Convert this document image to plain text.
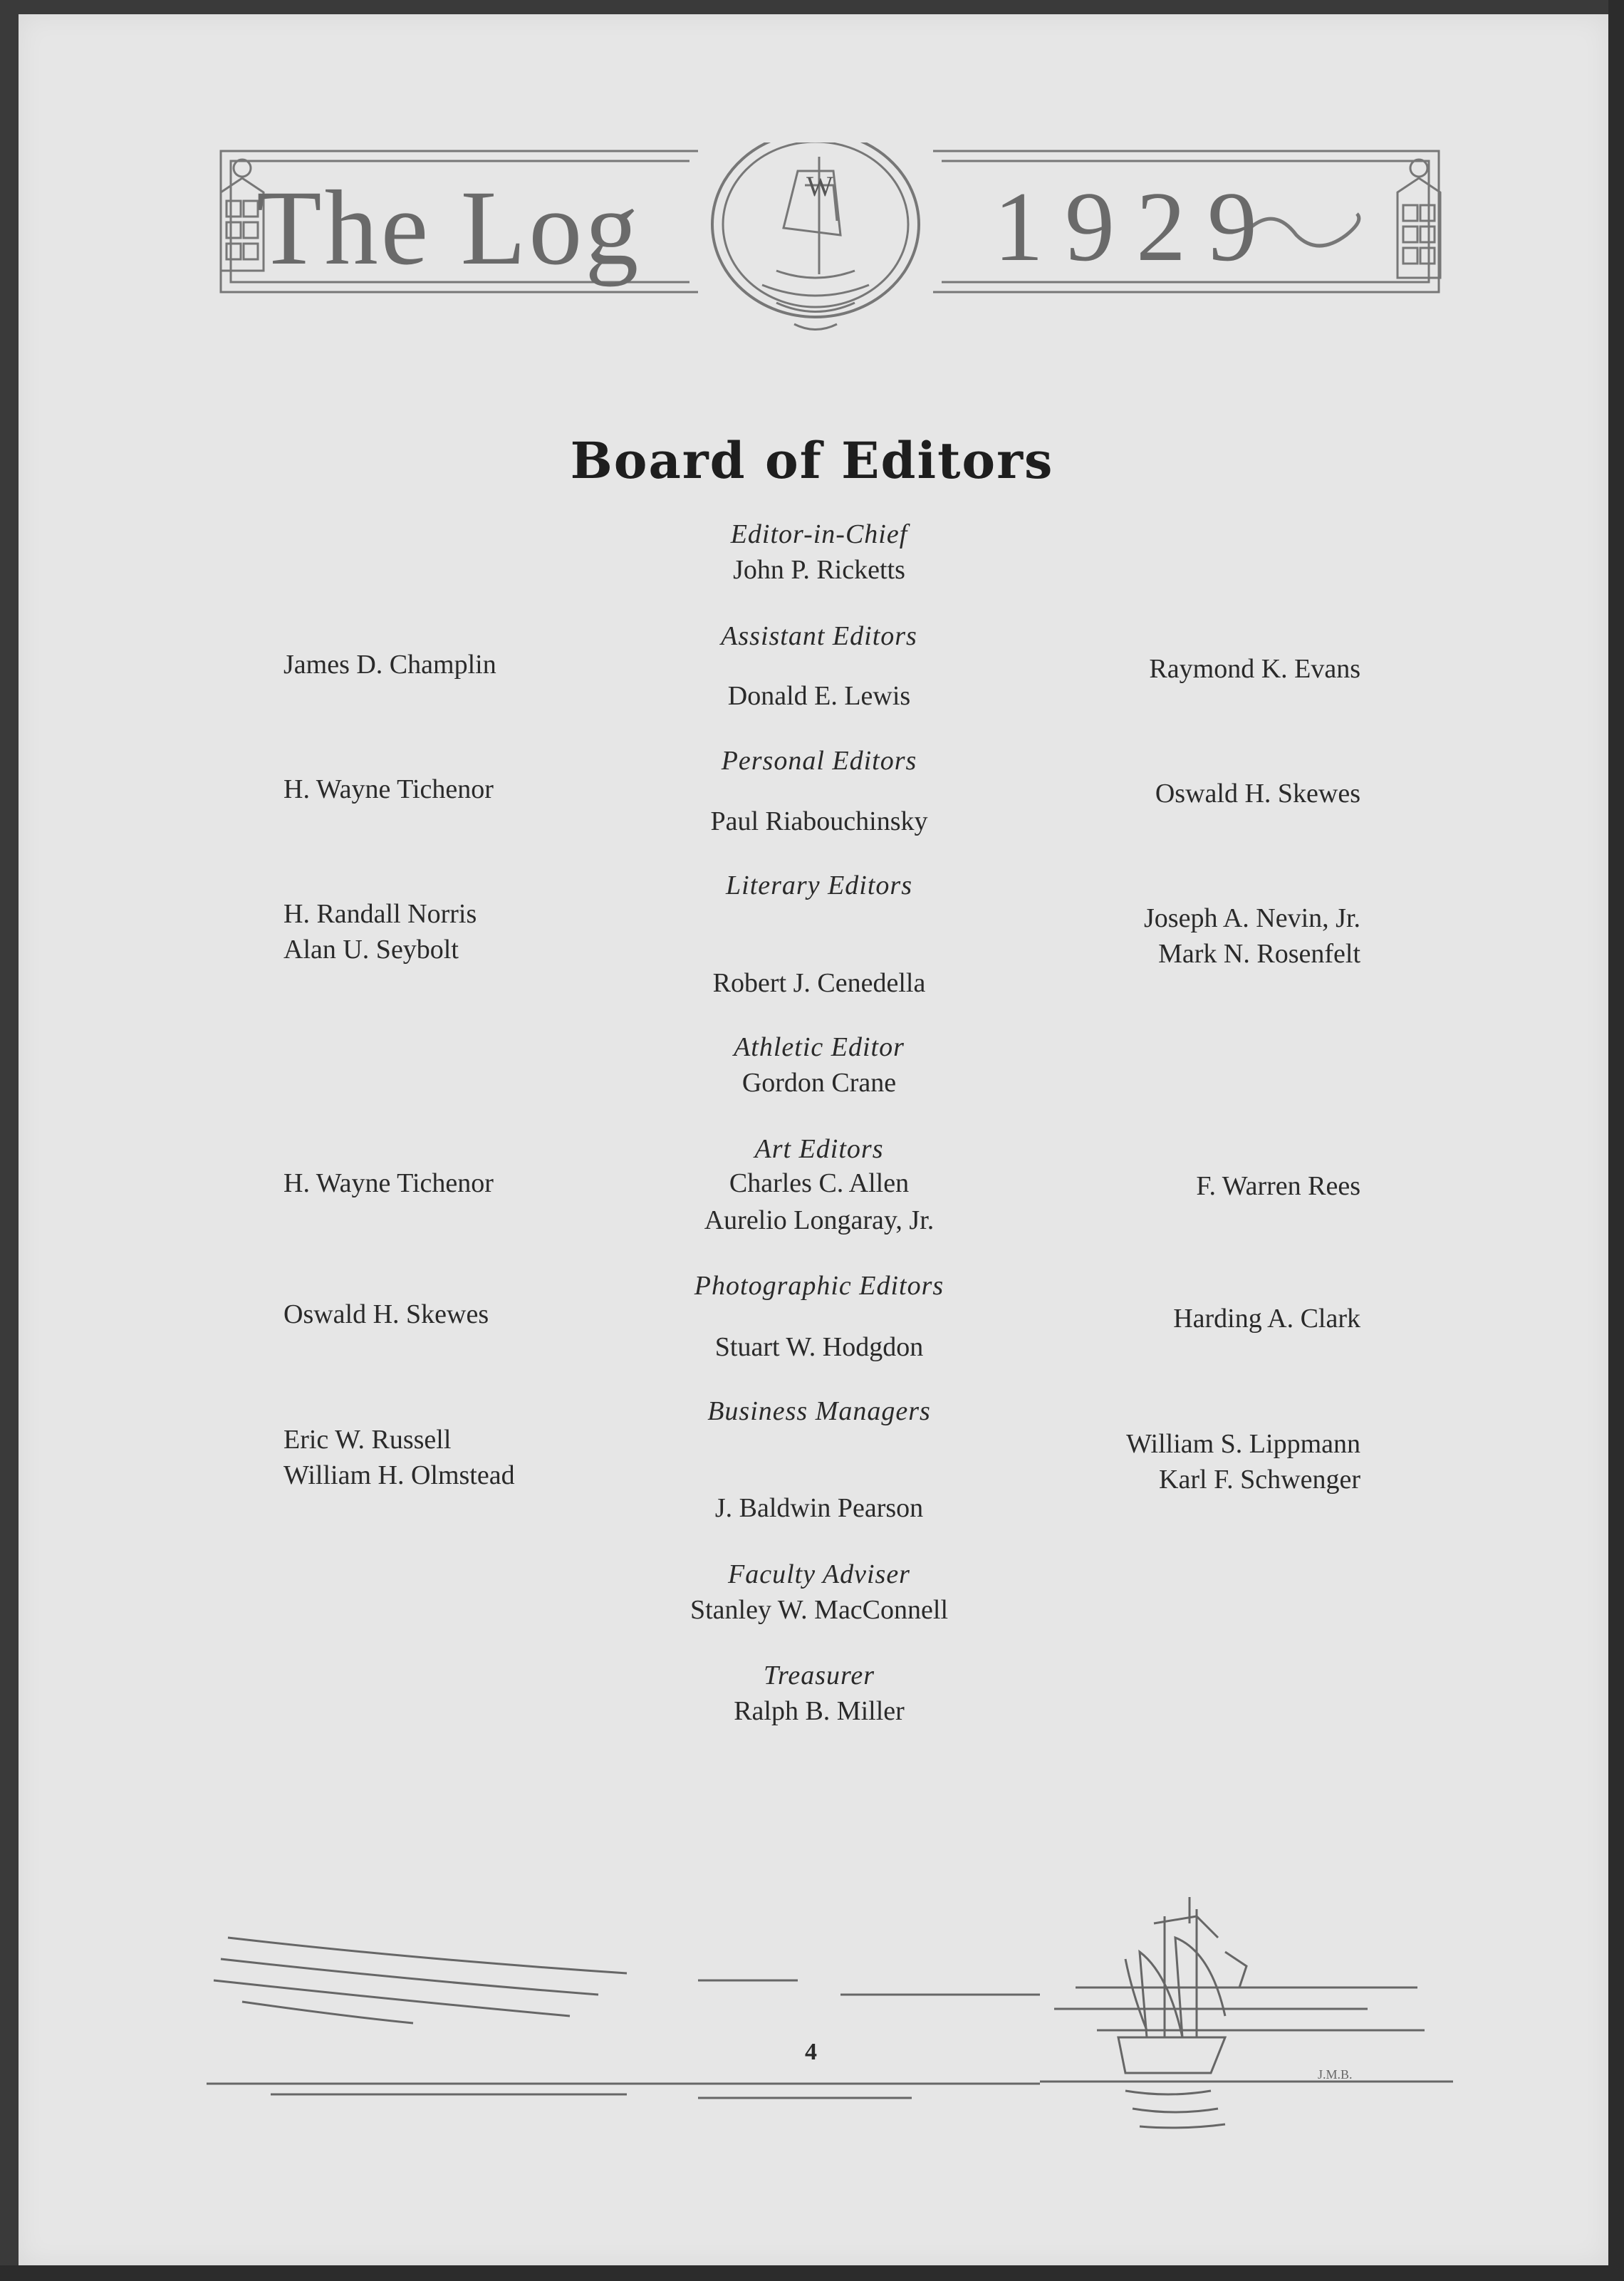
The Log	W 1929
Board of Editors
Editor-in-Chief
John P. Ricketts
Assistant Editors
James D. Champlin
Donald E. Lewis
Raymond K. Evans
Personal Editors
H. Wayne Tichenor
Paul Riabouchinsky
Oswald H. Skewes
Literary Editors
H. Randall Norris
Alan U. Seybolt
Robert J. Cenedella
Joseph A. Nevin, Jr.
Mark N. Rosenfelt
Athletic Editor
Gordon Crane
Art Editors
Charles C. Allen
Aurelio Longaray, Jr.
H. Wayne Tichenor	F. Warren Rees
Photographic Editors
Oswald H. Skewes
Stuart W. Hodgdon
Harding A. Clark
Business Managers
Eric W. Russell
William H. Olmstead
J. Baldwin Pearson
William S. Lippmann
Karl F. Schwenger
Faculty Adviser
Stanley W. MacConnell
Treasurer
Ralph B. Miller
J.M.B.
4
